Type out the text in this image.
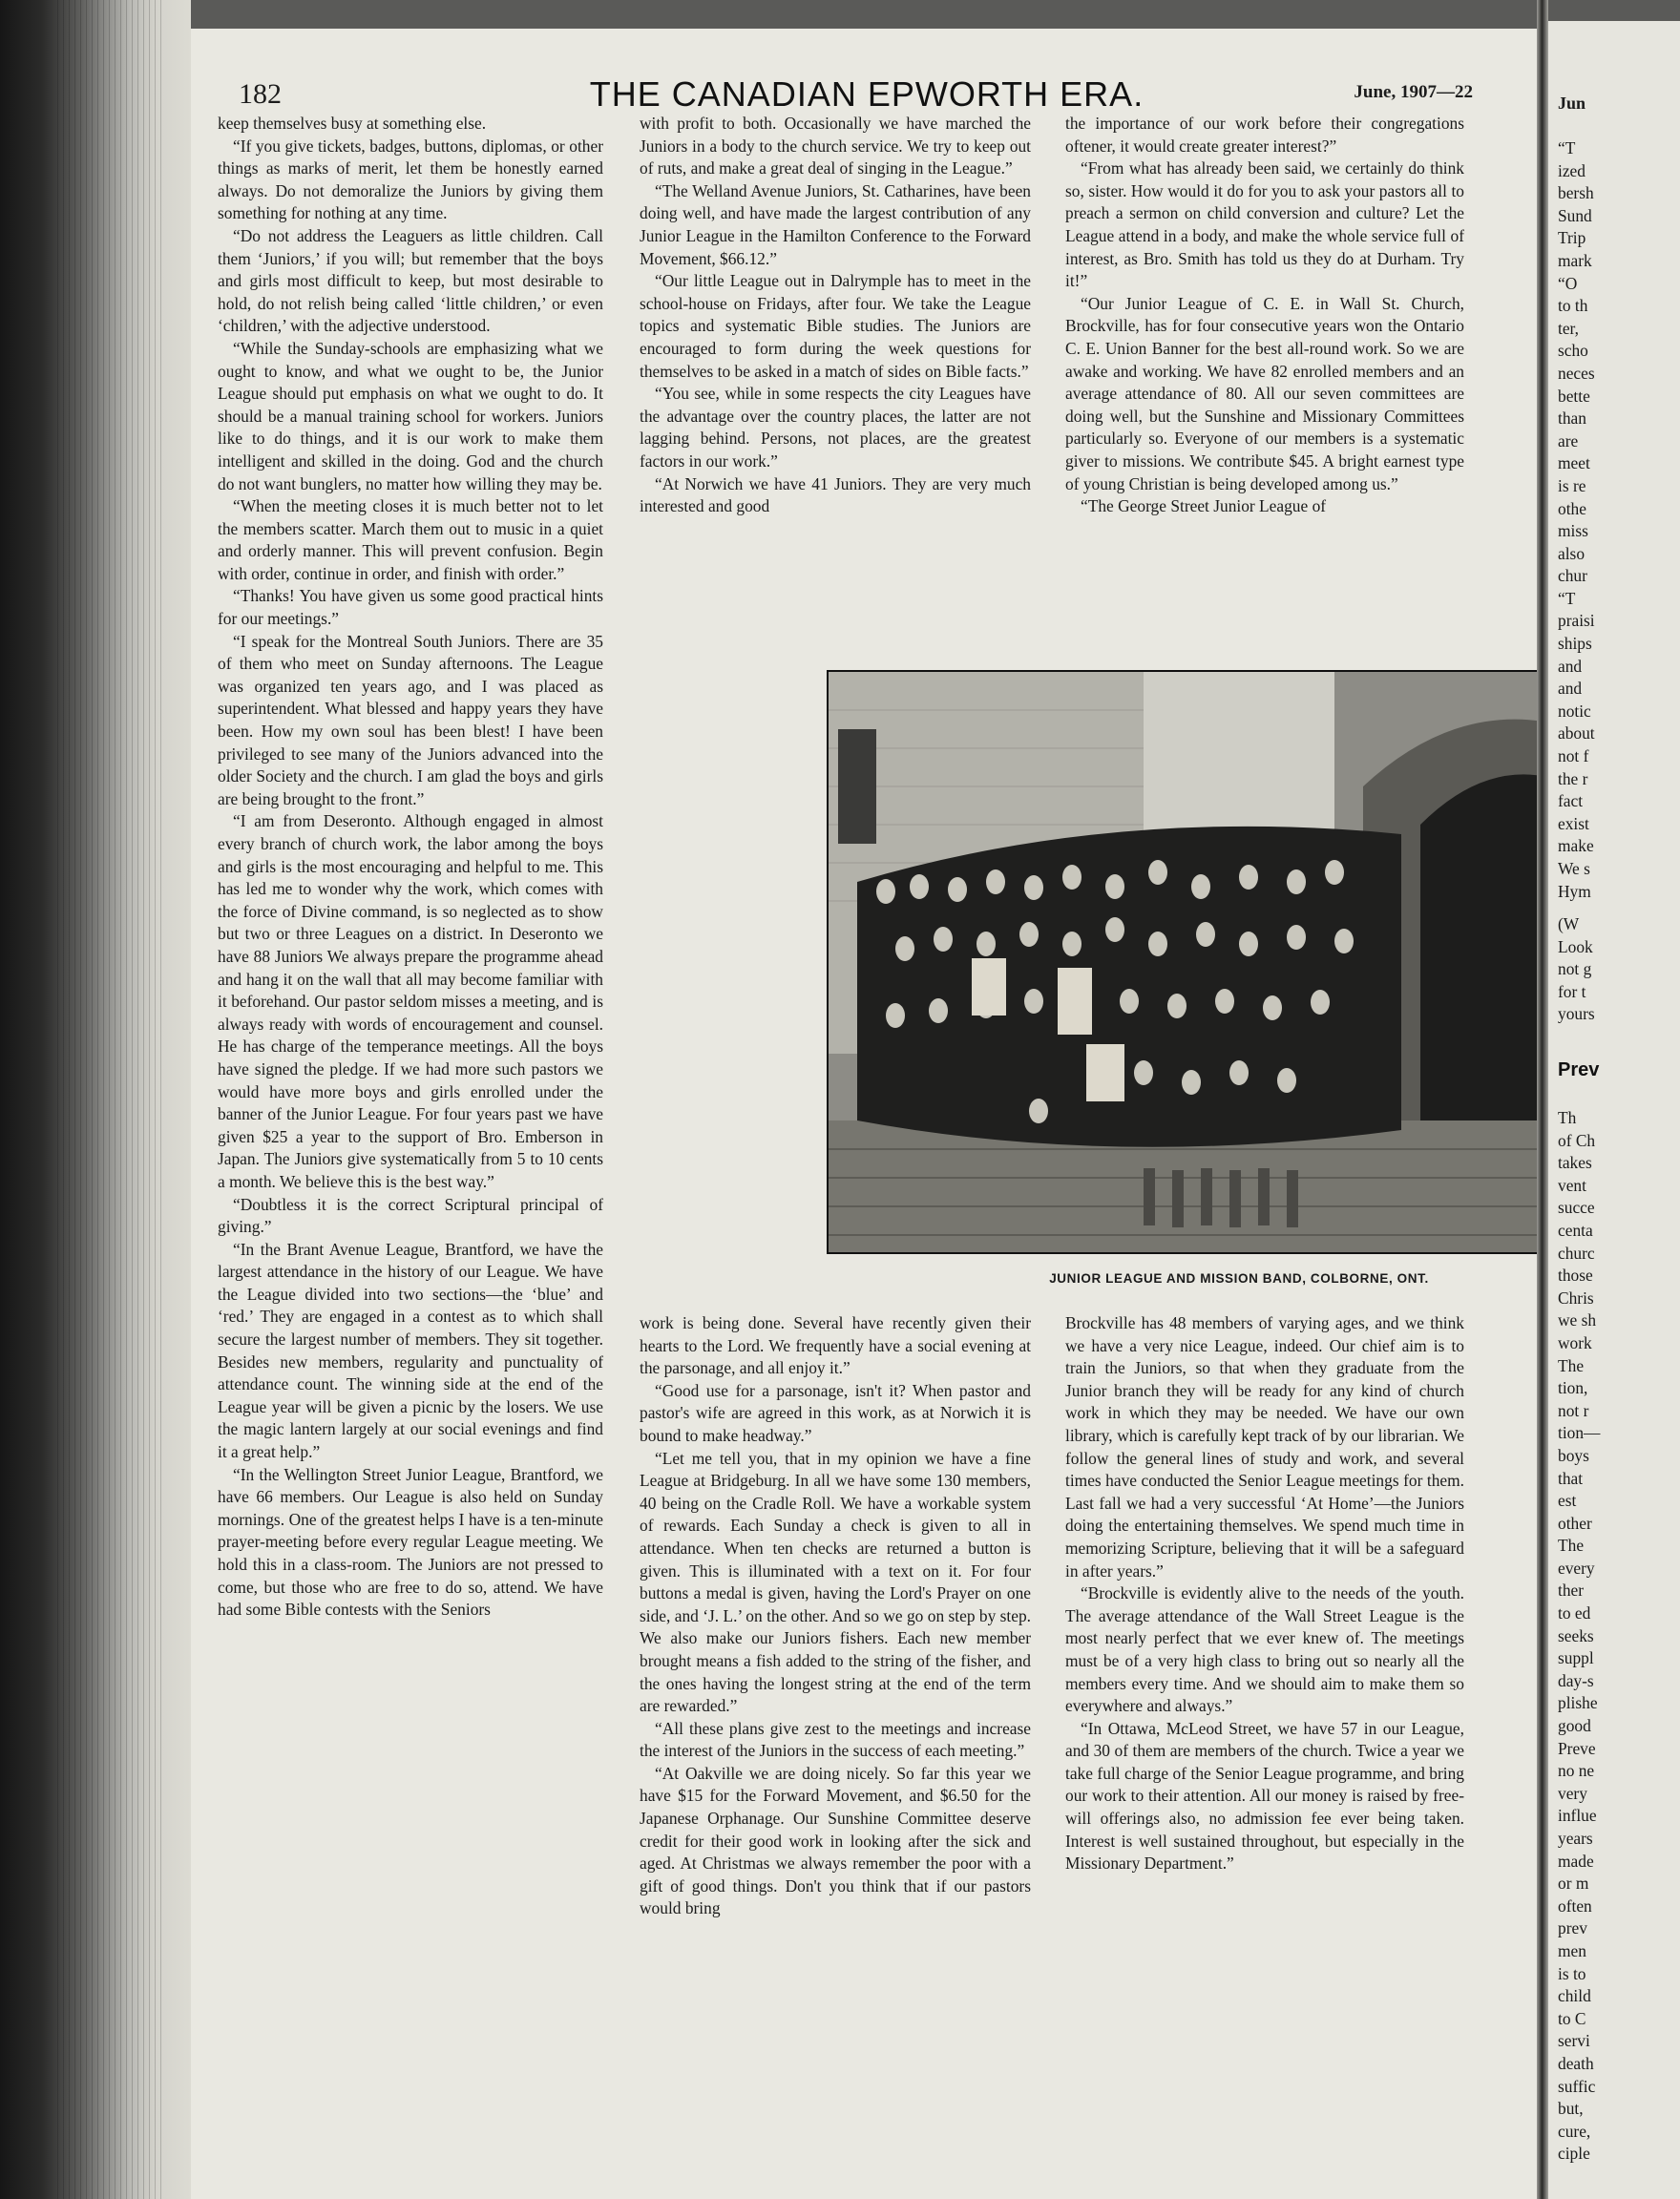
182	THE CANADIAN EPWORTH ERA.	June, 1907—22

keep themselves busy at something else.

“If you give tickets, badges, buttons, diplomas, or other things as marks of merit, let them be honestly earned always. Do not demoralize the Juniors by giving them something for nothing at any time.

“Do not address the Leaguers as little children. Call them ‘Juniors,’ if you will; but remember that the boys and girls most difficult to keep, but most desirable to hold, do not relish being called ‘little children,’ or even ‘children,’ with the adjective understood.

“While the Sunday-schools are emphasizing what we ought to know, and what we ought to be, the Junior League should put emphasis on what we ought to do. It should be a manual training school for workers. Juniors like to do things, and it is our work to make them intelligent and skilled in the doing. God and the church do not want bunglers, no matter how willing they may be.

“When the meeting closes it is much better not to let the members scatter. March them out to music in a quiet and orderly manner. This will prevent confusion. Begin with order, continue in order, and finish with order.”

“Thanks! You have given us some good practical hints for our meetings.”

“I speak for the Montreal South Juniors. There are 35 of them who meet on Sunday afternoons. The League was organized ten years ago, and I was placed as superintendent. What blessed and happy years they have been. How my own soul has been blest! I have been privileged to see many of the Juniors advanced into the older Society and the church. I am glad the boys and girls are being brought to the front.”

“I am from Deseronto. Although engaged in almost every branch of church work, the labor among the boys and girls is the most encouraging and helpful to me. This has led me to wonder why the work, which comes with the force of Divine command, is so neglected as to show but two or three Leagues on a district. In Deseronto we have 88 Juniors We always prepare the programme ahead and hang it on the wall that all may become familiar with it beforehand. Our pastor seldom misses a meeting, and is always ready with words of encouragement and counsel. He has charge of the temperance meetings. All the boys have signed the pledge. If we had more such pastors we would have more boys and girls enrolled under the banner of the Junior League. For four years past we have given $25 a year to the support of Bro. Emberson in Japan. The Juniors give systematically from 5 to 10 cents a month. We believe this is the best way.”

“Doubtless it is the correct Scriptural principal of giving.”

“In the Brant Avenue League, Brantford, we have the largest attendance in the history of our League. We have the League divided into two sections—the ‘blue’ and ‘red.’ They are engaged in a contest as to which shall secure the largest number of members. They sit together. Besides new members, regularity and punctuality of attendance count. The winning side at the end of the League year will be given a picnic by the losers. We use the magic lantern largely at our social evenings and find it a great help.”

“In the Wellington Street Junior League, Brantford, we have 66 members. Our League is also held on Sunday mornings. One of the greatest helps I have is a ten-minute prayer-meeting before every regular League meeting. We hold this in a class-room. The Juniors are not pressed to come, but those who are free to do so, attend. We have had some Bible contests with the Seniors

with profit to both. Occasionally we have marched the Juniors in a body to the church service. We try to keep out of ruts, and make a great deal of singing in the League.”

“The Welland Avenue Juniors, St. Catharines, have been doing well, and have made the largest contribution of any Junior League in the Hamilton Conference to the Forward Movement, $66.12.”

“Our little League out in Dalrymple has to meet in the school-house on Fridays, after four. We take the League topics and systematic Bible studies. The Juniors are encouraged to form during the week questions for themselves to be asked in a match of sides on Bible facts.”

“You see, while in some respects the city Leagues have the advantage over the country places, the latter are not lagging behind. Persons, not places, are the greatest factors in our work.”

“At Norwich we have 41 Juniors. They are very much interested and good

the importance of our work before their congregations oftener, it would create greater interest?”

“From what has already been said, we certainly do think so, sister. How would it do for you to ask your pastors all to preach a sermon on child conversion and culture? Let the League attend in a body, and make the whole service full of interest, as Bro. Smith has told us they do at Durham. Try it!”

“Our Junior League of C. E. in Wall St. Church, Brockville, has for four consecutive years won the Ontario C. E. Union Banner for the best all-round work. So we are awake and working. We have 82 enrolled members and an average attendance of 80. All our seven committees are doing well, but the Sunshine and Missionary Committees particularly so. Everyone of our members is a systematic giver to missions. We contribute $45. A bright earnest type of young Christian is being developed among us.”

“The George Street Junior League of

JUNIOR LEAGUE AND MISSION BAND, COLBORNE, ONT.

work is being done. Several have recently given their hearts to the Lord. We frequently have a social evening at the parsonage, and all enjoy it.”

“Good use for a parsonage, isn't it? When pastor and pastor's wife are agreed in this work, as at Norwich it is bound to make headway.”

“Let me tell you, that in my opinion we have a fine League at Bridgeburg. In all we have some 130 members, 40 being on the Cradle Roll. We have a workable system of rewards. Each Sunday a check is given to all in attendance. When ten checks are returned a button is given. This is illuminated with a text on it. For four buttons a medal is given, having the Lord's Prayer on one side, and ‘J. L.’ on the other. And so we go on step by step. We also make our Juniors fishers. Each new member brought means a fish added to the string of the fisher, and the ones having the longest string at the end of the term are rewarded.”

“All these plans give zest to the meetings and increase the interest of the Juniors in the success of each meeting.”

“At Oakville we are doing nicely. So far this year we have $15 for the Forward Movement, and $6.50 for the Japanese Orphanage. Our Sunshine Committee deserve credit for their good work in looking after the sick and aged. At Christmas we always remember the poor with a gift of good things. Don't you think that if our pastors would bring

Brockville has 48 members of varying ages, and we think we have a very nice League, indeed. Our chief aim is to train the Juniors, so that when they graduate from the Junior branch they will be ready for any kind of church work in which they may be needed. We have our own library, which is carefully kept track of by our librarian. We follow the general lines of study and work, and several times have conducted the Senior League meetings for them. Last fall we had a very successful ‘At Home’—the Juniors doing the entertaining themselves. We spend much time in memorizing Scripture, believing that it will be a safeguard in after years.”

“Brockville is evidently alive to the needs of the youth. The average attendance of the Wall Street League is the most nearly perfect that we ever knew of. The meetings must be of a very high class to bring out so nearly all the members every time. And we should aim to make them so everywhere and always.”

“In Ottawa, McLeod Street, we have 57 in our League, and 30 of them are members of the church. Twice a year we take full charge of the Senior League programme, and bring our work to their attention. All our money is raised by free-will offerings also, no admission fee ever being taken. Interest is well sustained throughout, but especially in the Missionary Department.”

Jun
“T
ized
bersh
Sund
Trip
mark
“O
to th
ter,
scho
neces
bette
than
are
meet
is re
othe
miss
also
chur
“T
praisi
ships
and
and
notic
about
not f
the r
fact
exist
make
We s
Hym

(W
Look
not g
for t
yours
Prev
Th
of Ch
takes
vent
succe
centa
churc
those
Chris
we sh
work
The
tion,
not r
tion—
boys
that
est
other
The
every
ther
to ed
seeks
suppl
day-s
plishe
good
Preve
no ne
very
influe
years
made
or m
often
prev
men
is to
child
to C
servi
death
suffic
but,
cure,
ciple
